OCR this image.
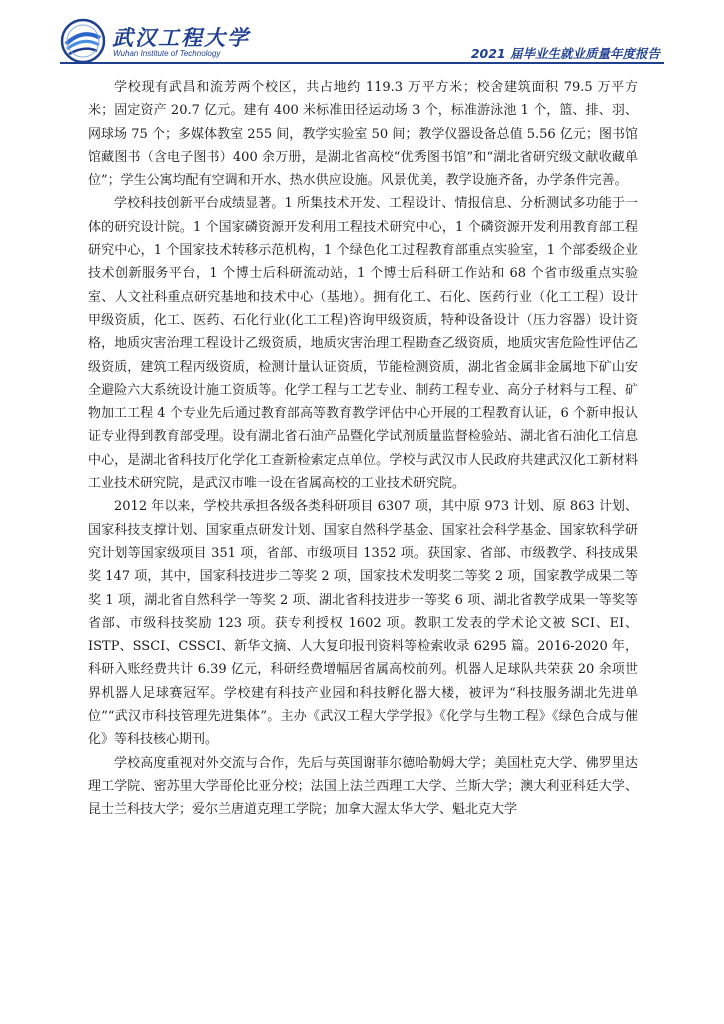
武汉工程大学
Wuhan Institute of Technology	2021 届毕业生就业质量年度报告

学校现有武昌和流芳两个校区，共占地约 119.3 万平方米；校舍建筑面积 79.5 万平方米；固定资产 20.7 亿元。建有 400 米标准田径运动场 3 个，标准游泳池 1 个，篮、排、羽、网球场 75 个；多媒体教室 255 间，教学实验室 50 间；教学仪器设备总值 5.56 亿元；图书馆馆藏图书（含电子图书）400 余万册，是湖北省高校“优秀图书馆”和“湖北省研究级文献收藏单位”；学生公寓均配有空调和开水、热水供应设施。风景优美，教学设施齐备，办学条件完善。

学校科技创新平台成绩显著。1 所集技术开发、工程设计、情报信息、分析测试多功能于一体的研究设计院。1 个国家磷资源开发利用工程技术研究中心，1 个磷资源开发利用教育部工程研究中心，1 个国家技术转移示范机构，1 个绿色化工过程教育部重点实验室，1 个部委级企业技术创新服务平台，1 个博士后科研流动站，1 个博士后科研工作站和 68 个省市级重点实验室、人文社科重点研究基地和技术中心（基地）。拥有化工、石化、医药行业（化工工程）设计甲级资质，化工、医药、石化行业(化工工程)咨询甲级资质，特种设备设计（压力容器）设计资格，地质灾害治理工程设计乙级资质，地质灾害治理工程勘查乙级资质，地质灾害危险性评估乙级资质，建筑工程丙级资质，检测计量认证资质，节能检测资质，湖北省金属非金属地下矿山安全避险六大系统设计施工资质等。化学工程与工艺专业、制药工程专业、高分子材料与工程、矿物加工工程 4 个专业先后通过教育部高等教育教学评估中心开展的工程教育认证，6 个新申报认证专业得到教育部受理。设有湖北省石油产品暨化学试剂质量监督检验站、湖北省石油化工信息中心，是湖北省科技厅化学化工查新检索定点单位。学校与武汉市人民政府共建武汉化工新材料工业技术研究院，是武汉市唯一设在省属高校的工业技术研究院。

2012 年以来，学校共承担各级各类科研项目 6307 项，其中原 973 计划、原 863 计划、国家科技支撑计划、国家重点研发计划、国家自然科学基金、国家社会科学基金、国家软科学研究计划等国家级项目 351 项，省部、市级项目 1352 项。获国家、省部、市级教学、科技成果奖 147 项，其中，国家科技进步二等奖 2 项，国家技术发明奖二等奖 2 项，国家教学成果二等奖 1 项，湖北省自然科学一等奖 2 项、湖北省科技进步一等奖 6 项、湖北省教学成果一等奖等省部、市级科技奖励 123 项。获专利授权 1602 项。教职工发表的学术论文被 SCI、EI、ISTP、SSCI、CSSCI、新华文摘、人大复印报刊资料等检索收录 6295 篇。2016-2020 年，科研入账经费共计 6.39 亿元，科研经费增幅居省属高校前列。机器人足球队共荣获 20 余项世界机器人足球赛冠军。学校建有科技产业园和科技孵化器大楼，被评为“科技服务湖北先进单位”“武汉市科技管理先进集体”。主办《武汉工程大学学报》《化学与生物工程》《绿色合成与催化》等科技核心期刊。

学校高度重视对外交流与合作，先后与英国谢菲尔德哈勒姆大学；美国杜克大学、佛罗里达理工学院、密苏里大学哥伦比亚分校；法国上法兰西理工大学、兰斯大学；澳大利亚科廷大学、昆士兰科技大学；爱尔兰唐道克理工学院；加拿大渥太华大学、魁北克大学
